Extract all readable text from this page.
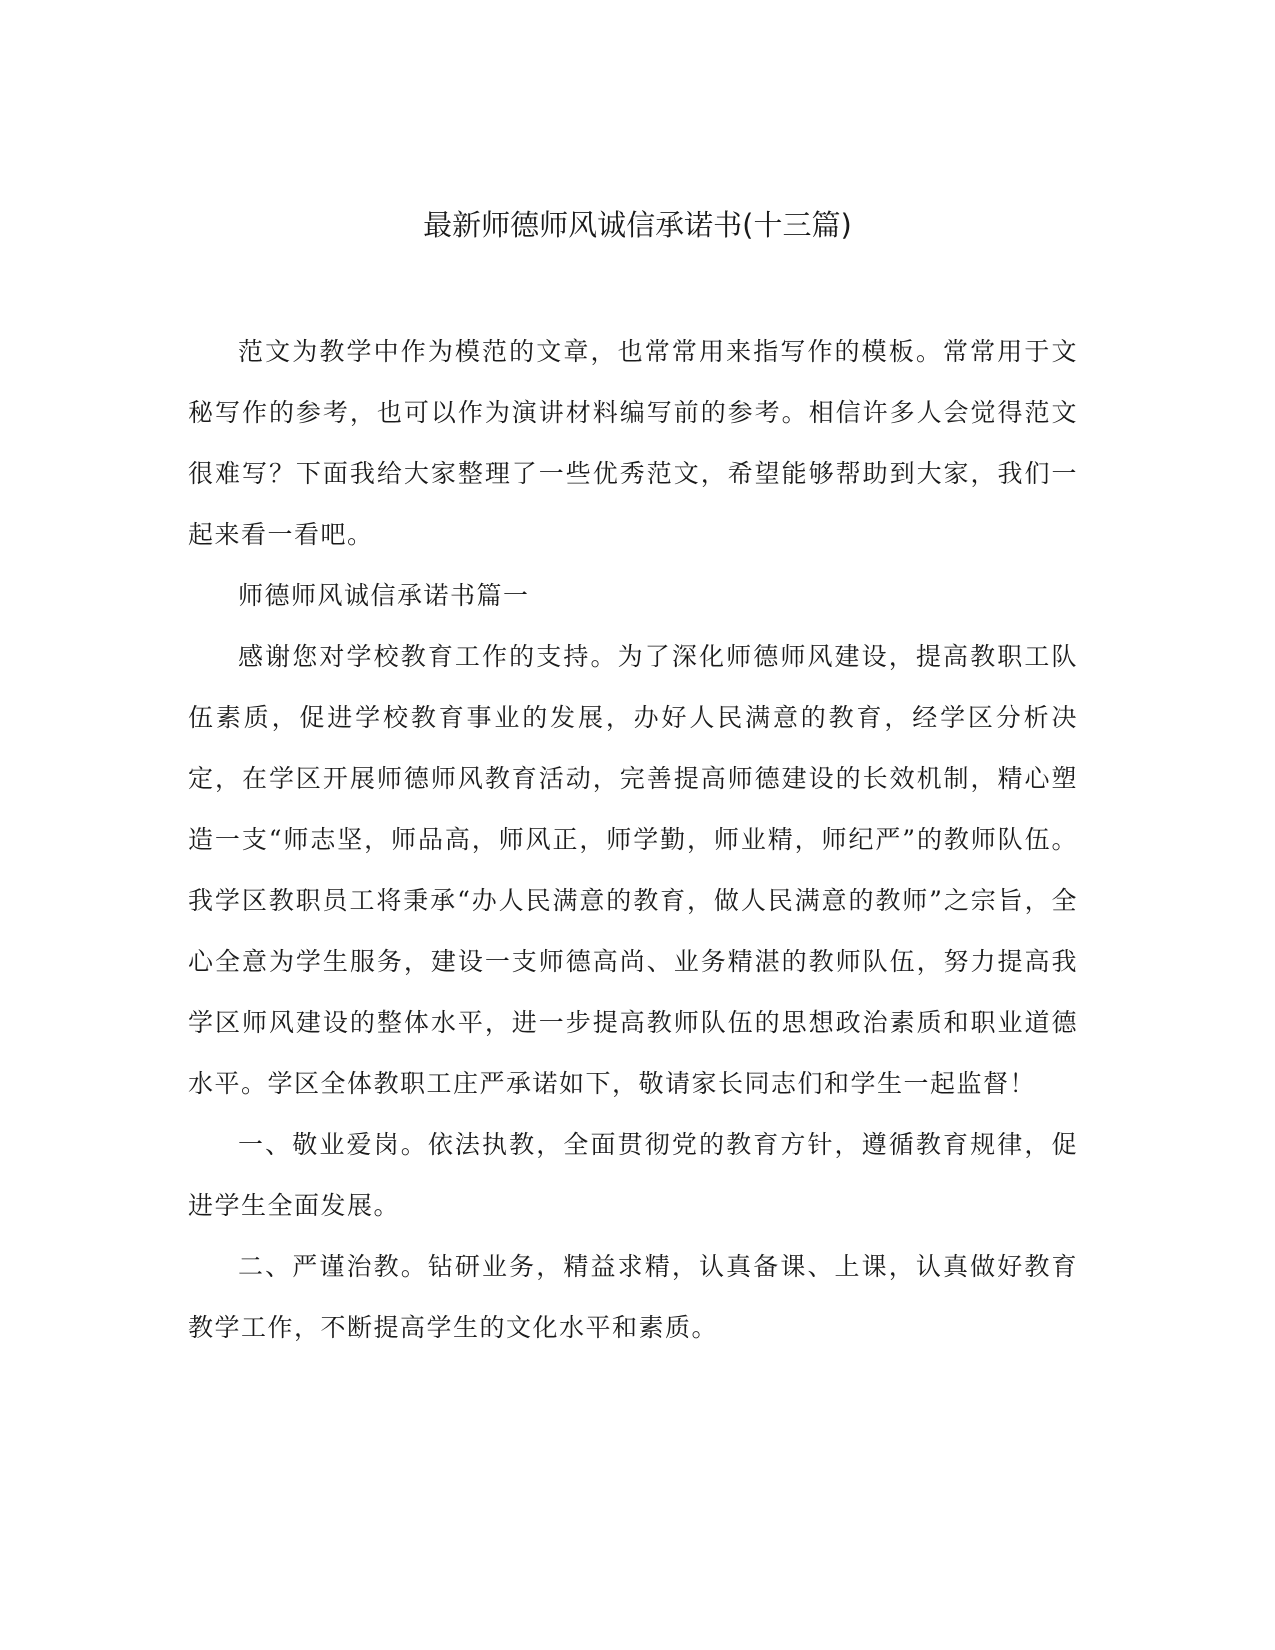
最新师德师风诚信承诺书(十三篇)

范文为教学中作为模范的文章，也常常用来指写作的模板。常常用于文秘写作的参考，也可以作为演讲材料编写前的参考。相信许多人会觉得范文很难写？下面我给大家整理了一些优秀范文，希望能够帮助到大家，我们一起来看一看吧。

师德师风诚信承诺书篇一

感谢您对学校教育工作的支持。为了深化师德师风建设，提高教职工队伍素质，促进学校教育事业的发展，办好人民满意的教育，经学区分析决定，在学区开展师德师风教育活动，完善提高师德建设的长效机制，精心塑造一支“师志坚，师品高，师风正，师学勤，师业精，师纪严”的教师队伍。我学区教职员工将秉承“办人民满意的教育，做人民满意的教师”之宗旨，全心全意为学生服务，建设一支师德高尚、业务精湛的教师队伍，努力提高我学区师风建设的整体水平，进一步提高教师队伍的思想政治素质和职业道德水平。学区全体教职工庄严承诺如下，敬请家长同志们和学生一起监督！

一、敬业爱岗。依法执教，全面贯彻党的教育方针，遵循教育规律，促进学生全面发展。

二、严谨治教。钻研业务，精益求精，认真备课、上课，认真做好教育教学工作，不断提高学生的文化水平和素质。
